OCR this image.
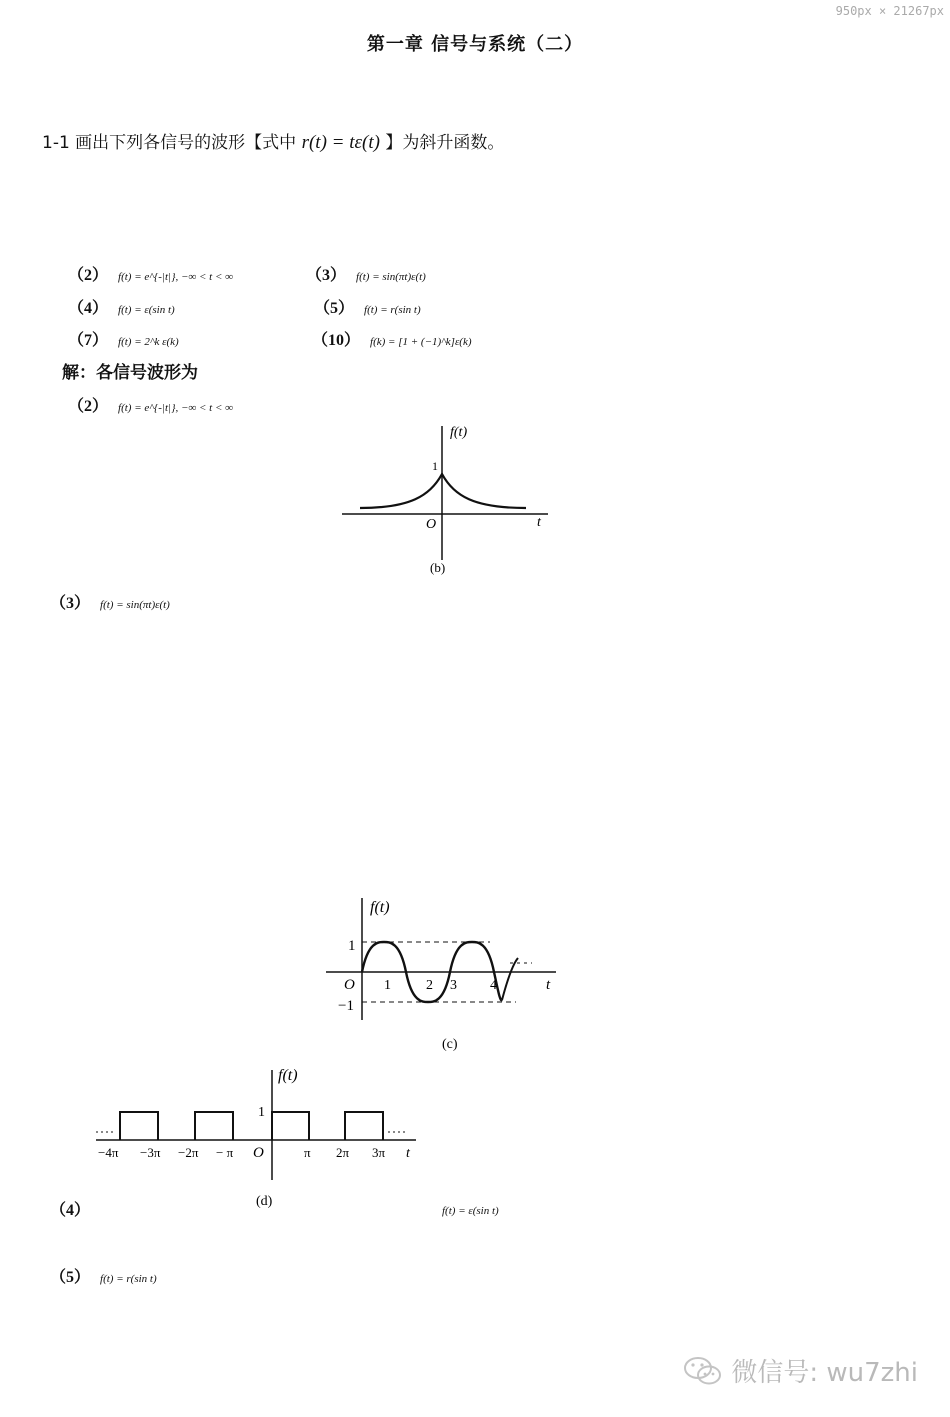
950px × 21267px
第一章 信号与系统（二）
1-1 画出下列各信号的波形【式中 r(t) = tε(t) 】为斜升函数。
（2） f(t) = e^{-|t|}, −∞ < t < ∞	（3） f(t) = sin(πt)ε(t)
（4） f(t) = ε(sin t)	（5） f(t) = r(sin t)
（7） f(t) = 2^k ε(k)	（10） f(k) = [1 + (−1)^k]ε(k)
解：各信号波形为
（2） f(t) = e^{-|t|}, −∞ < t < ∞
f(t)
1
O	t
(b)
（3） f(t) = sin(πt)ε(t)
f(t)
1
−1
O 1	2 3 4	t
(c)
f(t)
1
O
−4π −3π −2π − π	π 2π 3π t
(d)
（4）	f(t) = ε(sin t)
（5） f(t) = r(sin t)
微信号: wu7zhi
